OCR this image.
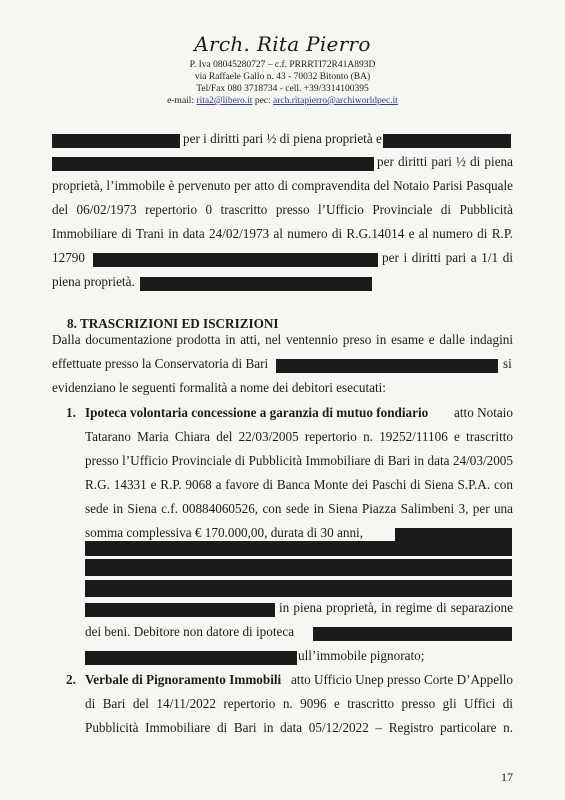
Arch. Rita Pierro
P. Iva 08045280727 – c.f. PRRRTI72R41A893D
via Raffaele Gallo n. 43 - 70032 Bitonto (BA)
Tel/Fax 080 3718734 - cell. +39/3314100395
e-mail: rita2@libero.it pec: arch.ritapierro@archiworldpec.it
per i diritti pari ½ di piena proprietà e
per diritti pari ½ di piena
proprietà, l’immobile è pervenuto per atto di compravendita del Notaio Parisi Pasquale
del 06/02/1973 repertorio 0 trascritto presso l’Ufficio Provinciale di Pubblicità
Immobiliare di Trani in data 24/02/1973 al numero di R.G.14014 e al numero di R.P.
12790	per i diritti pari a 1/1 di
piena proprietà.
8. TRASCRIZIONI ED ISCRIZIONI
Dalla documentazione prodotta in atti, nel ventennio preso in esame e dalle indagini
effettuate presso la Conservatoria di Bari	si
evidenziano le seguenti formalità a nome dei debitori esecutati:
1. Ipoteca volontaria concessione a garanzia di mutuo fondiario atto Notaio
Tatarano Maria Chiara del 22/03/2005 repertorio n. 19252/11106 e trascritto
presso l’Ufficio Provinciale di Pubblicità Immobiliare di Bari in data 24/03/2005
R.G. 14331 e R.P. 9068 a favore di Banca Monte dei Paschi di Siena S.P.A. con
sede in Siena c.f. 00884060526, con sede in Siena Piazza Salimbeni 3, per una
somma complessiva € 170.000,00, durata di 30 anni,
in piena proprietà, in regime di separazione
dei beni. Debitore non datore di ipoteca
ull’immobile pignorato;
2. Verbale di Pignoramento Immobili atto Ufficio Unep presso Corte D’Appello
di Bari del 14/11/2022 repertorio n. 9096 e trascritto presso gli Uffici di
Pubblicità Immobiliare di Bari in data 05/12/2022 – Registro particolare n.
17
